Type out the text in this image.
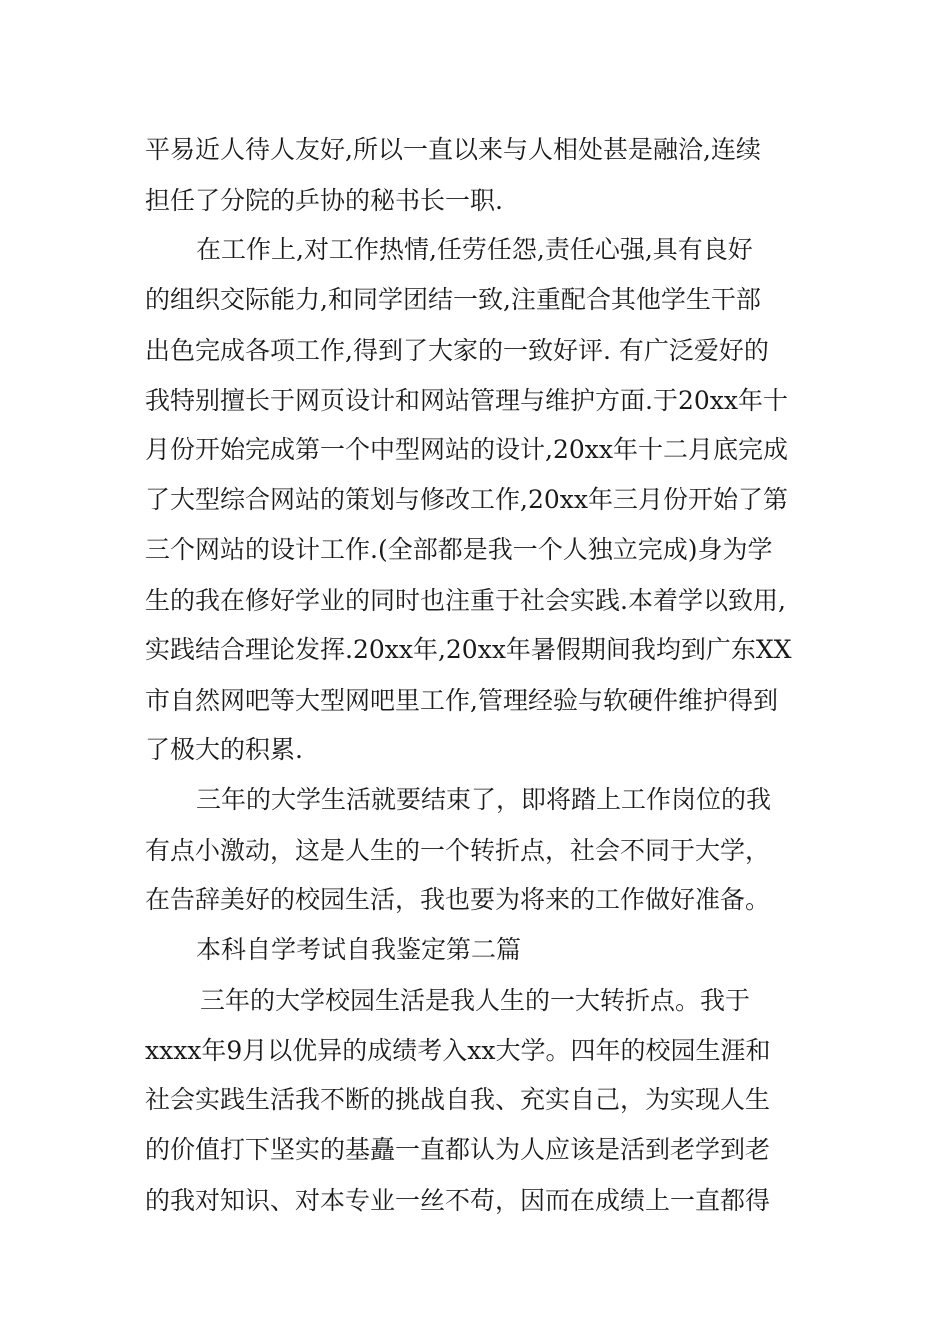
平易近人待人友好,所以一直以来与人相处甚是融洽,连续
担任了分院的乒协的秘书长一职.
在工作上,对工作热情,任劳任怨,责任心强,具有良好
的组织交际能力,和同学团结一致,注重配合其他学生干部
出色完成各项工作,得到了大家的一致好评. 有广泛爱好的
我特别擅长于网页设计和网站管理与维护方面.于20xx年十
月份开始完成第一个中型网站的设计,20xx年十二月底完成
了大型综合网站的策划与修改工作,20xx年三月份开始了第
三个网站的设计工作.(全部都是我一个人独立完成)身为学
生的我在修好学业的同时也注重于社会实践.本着学以致用,
实践结合理论发挥.20xx年,20xx年暑假期间我均到广东XX
市自然网吧等大型网吧里工作,管理经验与软硬件维护得到
了极大的积累.
三年的大学生活就要结束了，即将踏上工作岗位的我
有点小激动，这是人生的一个转折点，社会不同于大学，
在告辞美好的校园生活，我也要为将来的工作做好准备。
本科自学考试自我鉴定第二篇
三年的大学校园生活是我人生的一大转折点。我于
xxxx年9月以优异的成绩考入xx大学。四年的校园生涯和
社会实践生活我不断的挑战自我、充实自己，为实现人生
的价值打下坚实的基矗一直都认为人应该是活到老学到老
的我对知识、对本专业一丝不苟，因而在成绩上一直都得
